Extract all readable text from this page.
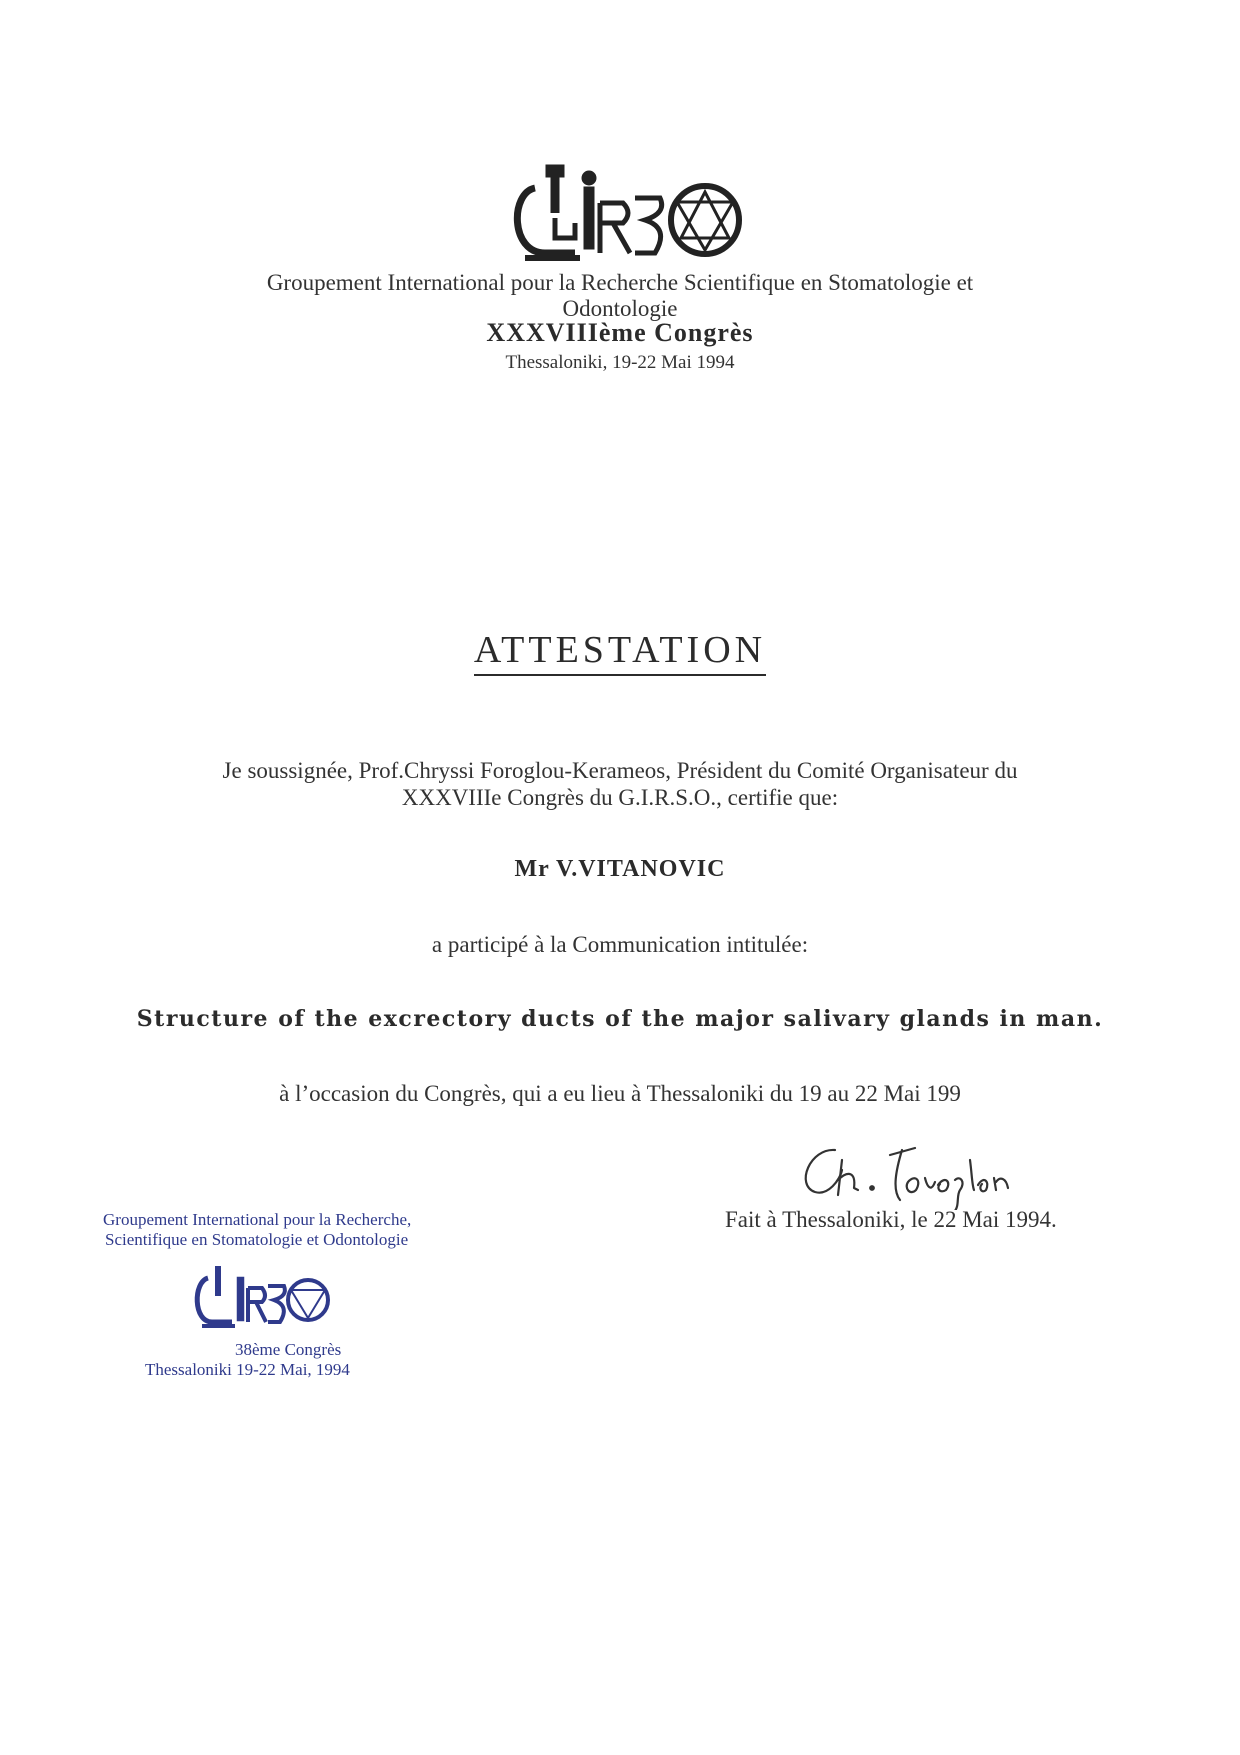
Groupement International pour la Recherche Scientifique en Stomatologie et
Odontologie
XXXVIIIème Congrès
Thessaloniki, 19-22 Mai 1994
ATTESTATION
Je soussignée, Prof.Chryssi Foroglou-Kerameos, Président du Comité Organisateur du
XXXVIIIe Congrès du G.I.R.S.O., certifie que:
Mr V.VITANOVIC
a participé à la Communication intitulée:
Structure of the excrectory ducts of the major salivary glands in man.
à l’occasion du Congrès, qui a eu lieu à Thessaloniki du 19 au 22 Mai 199
Fait à Thessaloniki, le 22 Mai 1994.
Groupement International pour la Recherche,
Scientifique en Stomatologie et Odontologie
38ème Congrès
Thessaloniki 19-22 Mai, 1994
